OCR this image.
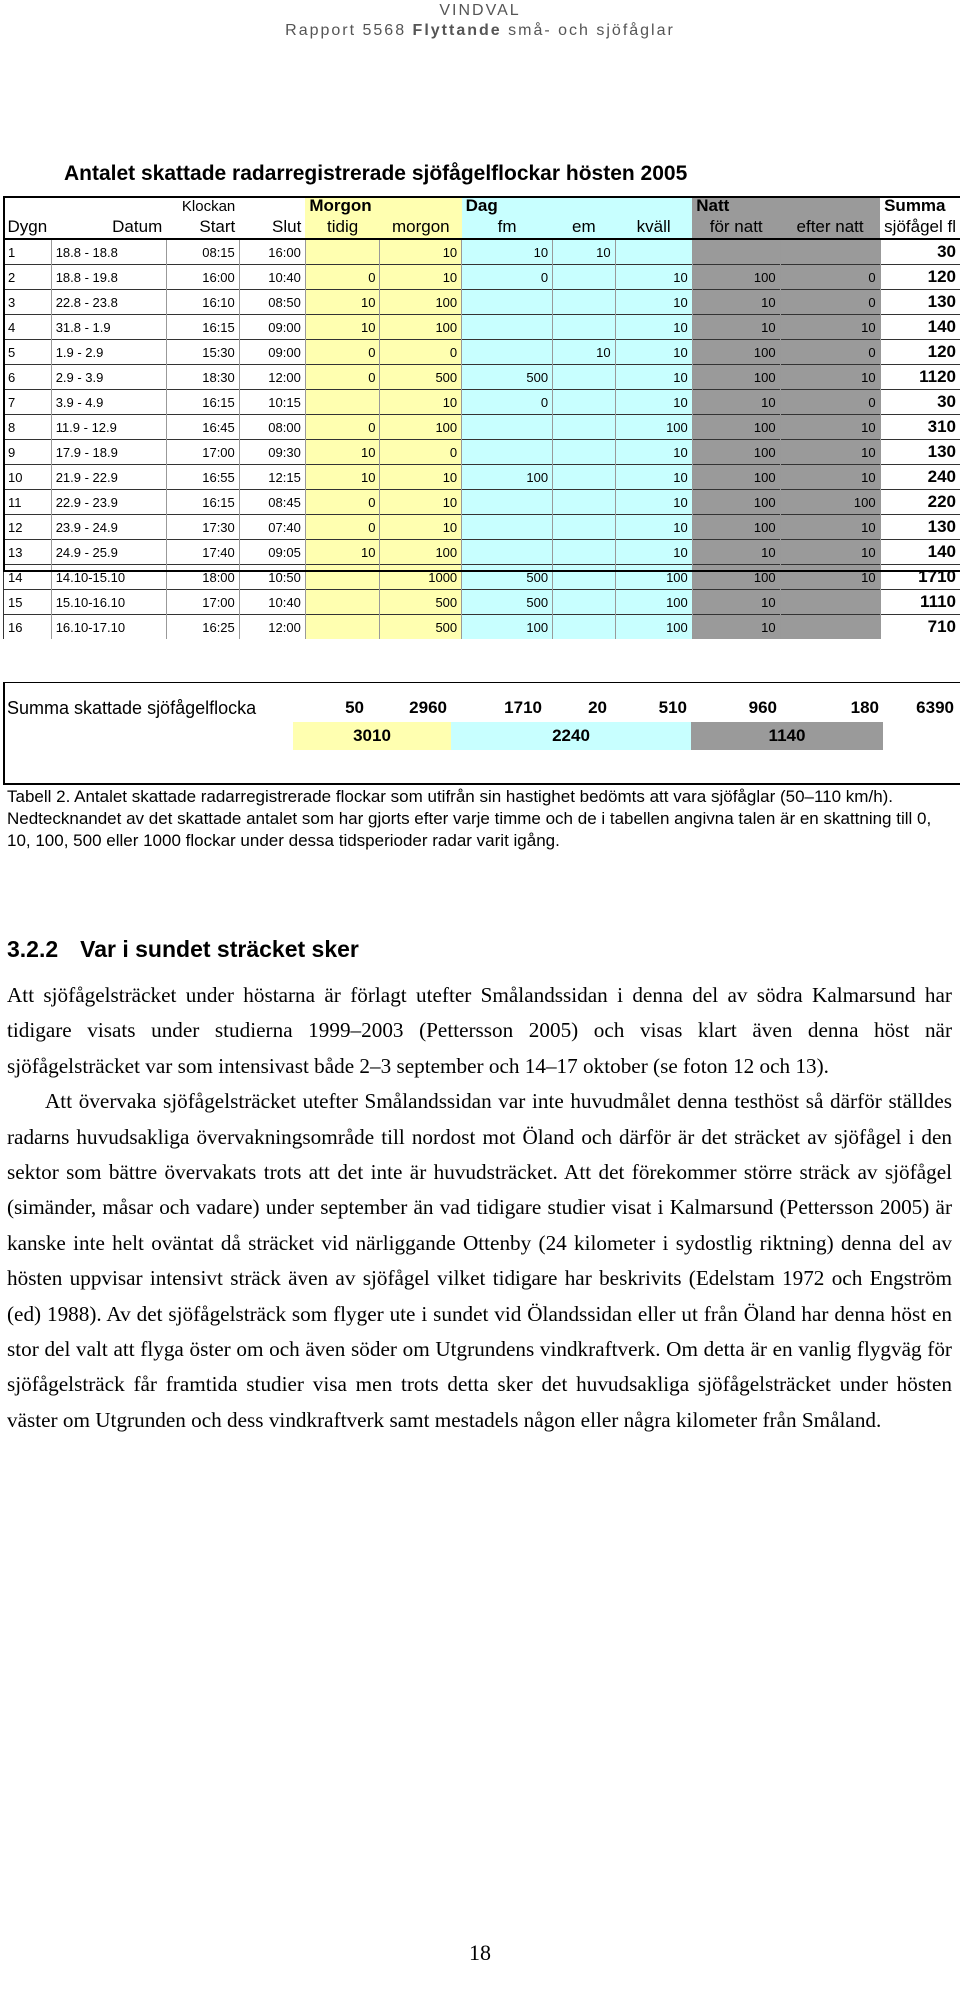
VINDVAL
Rapport 5568 Flyttande små- och sjöfåglar
Antalet skattade radarregistrerade sjöfågelflockar hösten 2005
		Klockan		Morgon		Dag			Natt		Summa
Dygn	Datum	Start	Slut	tidig	morgon	fm	em	kväll	för natt	efter natt	sjöfågel fl
1	18.8 - 18.8	08:15	16:00		10	10	10				30
2	18.8 - 19.8	16:00	10:40	0	10	0		10	100	0	120
3	22.8 - 23.8	16:10	08:50	10	100			10	10	0	130
4	31.8 - 1.9	16:15	09:00	10	100			10	10	10	140
5	1.9 - 2.9	15:30	09:00	0	0		10	10	100	0	120
6	2.9 - 3.9	18:30	12:00	0	500	500		10	100	10	1120
7	3.9 - 4.9	16:15	10:15		10	0		10	10	0	30
8	11.9 - 12.9	16:45	08:00	0	100			100	100	10	310
9	17.9 - 18.9	17:00	09:30	10	0			10	100	10	130
10	21.9 - 22.9	16:55	12:15	10	10	100		10	100	10	240
11	22.9 - 23.9	16:15	08:45	0	10			10	100	100	220
12	23.9 - 24.9	17:30	07:40	0	10			10	100	10	130
13	24.9 - 25.9	17:40	09:05	10	100			10	10	10	140
14	14.10-15.10	18:00	10:50		1000	500		100	100	10	1710
15	15.10-16.10	17:00	10:40		500	500		100	10		1110
16	16.10-17.10	16:25	12:00		500	100		100	10		710
Summa skattade sjöfågelflocka	50	2960	1710	20	510	960	180	6390
	3010		2240			1140		
Tabell 2. Antalet skattade radarregistrerade flockar som utifrån sin hastighet bedömts att vara sjöfåglar (50–110 km/h). Nedtecknandet av det skattade antalet som har gjorts efter varje timme och de i tabellen angivna talen är en skattning till 0, 10, 100, 500 eller 1000 flockar under dessa tidsperioder radar varit igång.
3.2.2 Var i sundet sträcket sker

Att sjöfågelsträcket under höstarna är förlagt utefter Smålandssidan i denna del av södra Kalmarsund har tidigare visats under studierna 1999–2003 (Pettersson 2005) och visas klart även denna höst när sjöfågelsträcket var som intensivast både 2–3 september och 14–17 oktober (se foton 12 och 13).

Att övervaka sjöfågelsträcket utefter Smålandssidan var inte huvudmålet denna testhöst så därför ställdes radarns huvudsakliga övervakningsområde till nordost mot Öland och därför är det sträcket av sjöfågel i den sektor som bättre övervakats trots att det inte är huvudsträcket. Att det förekommer större sträck av sjöfågel (simänder, måsar och vadare) under september än vad tidigare studier visat i Kalmarsund (Pettersson 2005) är kanske inte helt oväntat då sträcket vid närliggande Ottenby (24 kilometer i sydostlig riktning) denna del av hösten uppvisar intensivt sträck även av sjöfågel vilket tidigare har beskrivits (Edelstam 1972 och Engström (ed) 1988). Av det sjöfågelsträck som flyger ute i sundet vid Ölandssidan eller ut från Öland har denna höst en stor del valt att flyga öster om och även söder om Utgrundens vindkraftverk. Om detta är en vanlig flygväg för sjöfågelsträck får framtida studier visa men trots detta sker det huvudsakliga sjöfågelsträcket under hösten väster om Utgrunden och dess vindkraftverk samt mestadels någon eller några kilometer från Småland.

18
